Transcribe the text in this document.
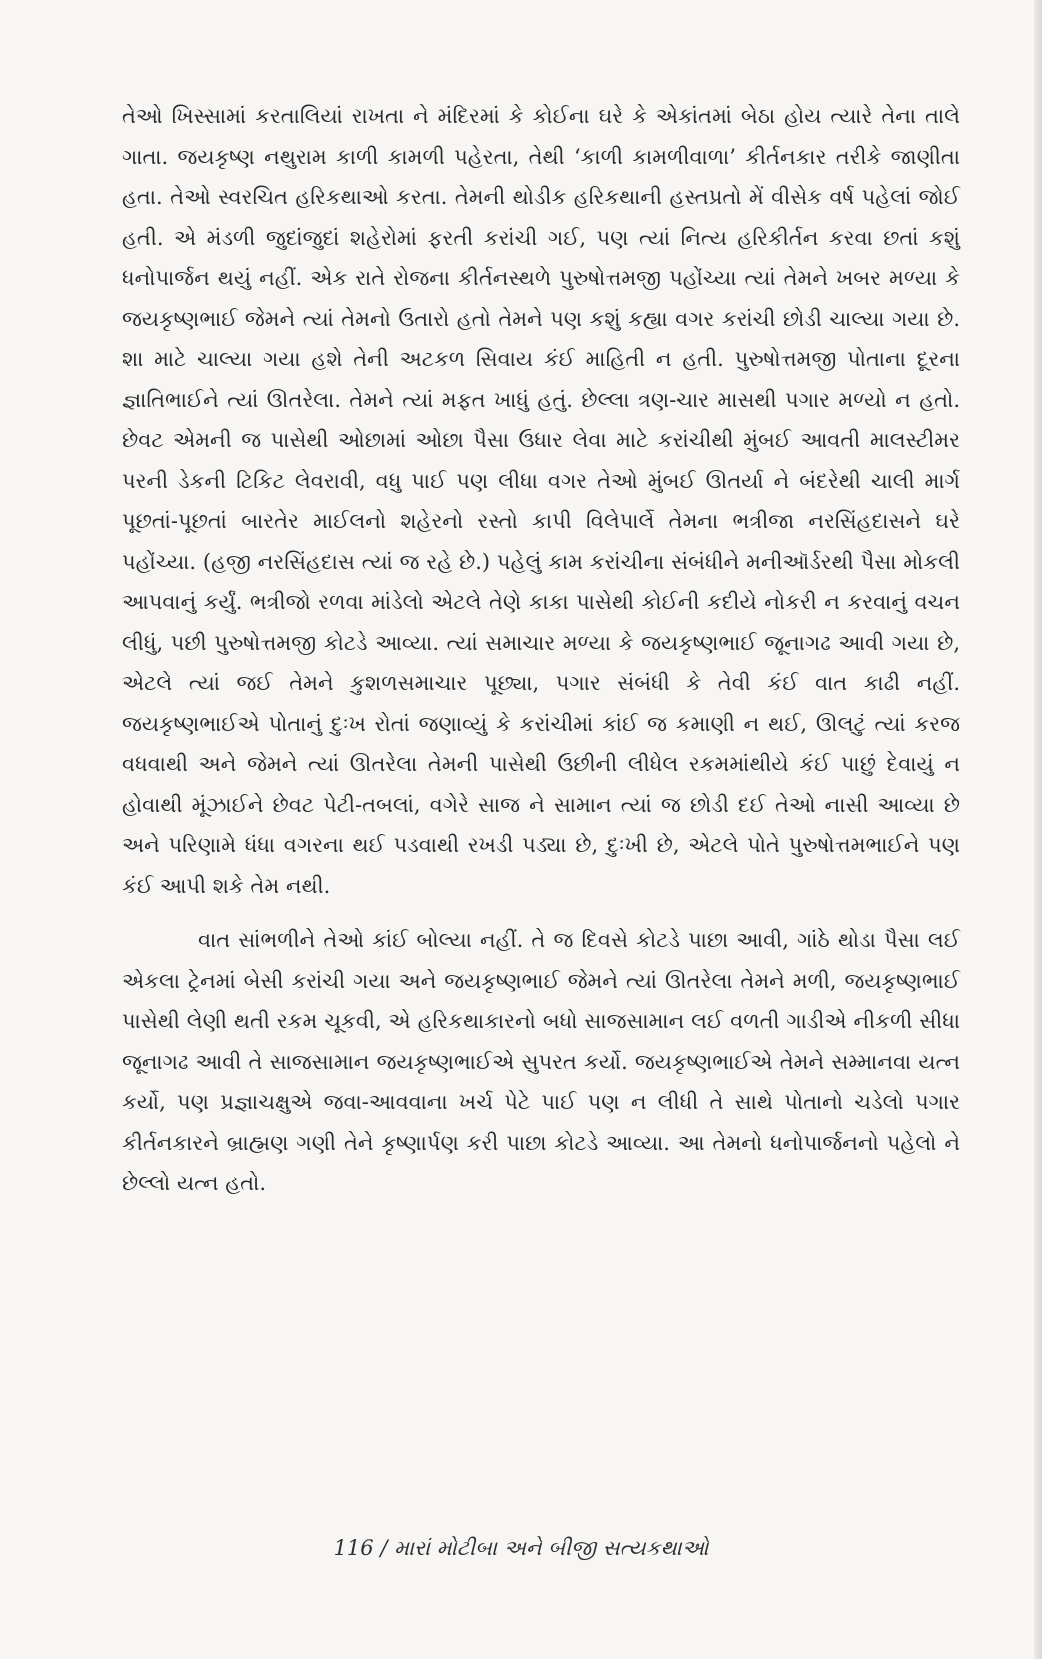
તેઓ ખિસ્સામાં કરતાલિયાં રાખતા ને મંદિરમાં કે કોઈના ઘરે કે એકાંતમાં બેઠા હોય ત્યારે તેના તાલે ગાતા. જયકૃષ્ણ નથુરામ કાળી કામળી પહેરતા, તેથી ‘કાળી કામળીવાળા’ કીર્તનકાર તરીકે જાણીતા હતા. તેઓ સ્વરચિત હરિકથાઓ કરતા. તેમની થોડીક હરિકથાની હસ્તપ્રતો મેં વીસેક વર્ષ પહેલાં જોઈ હતી. એ મંડળી જુદાંજુદાં શહેરોમાં ફરતી કરાંચી ગઈ, પણ ત્યાં નિત્ય હરિકીર્તન કરવા છતાં કશું ધનોપાર્જન થયું નહીં. એક રાતે રોજના કીર્તનસ્થળે પુરુષોત્તમજી પહોંચ્યા ત્યાં તેમને ખબર મળ્યા કે જયકૃષ્ણભાઈ જેમને ત્યાં તેમનો ઉતારો હતો તેમને પણ કશું કહ્યા વગર કરાંચી છોડી ચાલ્યા ગયા છે. શા માટે ચાલ્યા ગયા હશે તેની અટકળ સિવાય કંઈ માહિતી ન હતી. પુરુષોત્તમજી પોતાના દૂરના જ્ઞાતિભાઈને ત્યાં ઊતરેલા. તેમને ત્યાં મફત ખાધું હતું. છેલ્લા ત્રણ-ચાર માસથી પગાર મળ્યો ન હતો. છેવટ એમની જ પાસેથી ઓછામાં ઓછા પૈસા ઉધાર લેવા માટે કરાંચીથી મુંબઈ આવતી માલસ્ટીમર પરની ડેકની ટિકિટ લેવરાવી, વધુ પાઈ પણ લીધા વગર તેઓ મુંબઈ ઊતર્યા ને બંદરેથી ચાલી માર્ગ પૂછતાં-પૂછતાં બારતેર માઈલનો શહેરનો રસ્તો કાપી વિલેપાર્લે તેમના ભત્રીજા નરસિંહદાસને ઘરે પહોંચ્યા. (હજી નરસિંહદાસ ત્યાં જ રહે છે.) પહેલું કામ કરાંચીના સંબંધીને મનીઑર્ડરથી પૈસા મોકલી આપવાનું કર્યું. ભત્રીજો રળવા માંડેલો એટલે તેણે કાકા પાસેથી કોઈની કદીયે નોકરી ન કરવાનું વચન લીધું, પછી પુરુષોત્તમજી કોટડે આવ્યા. ત્યાં સમાચાર મળ્યા કે જયકૃષ્ણભાઈ જૂનાગઢ આવી ગયા છે, એટલે ત્યાં જઈ તેમને કુશળસમાચાર પૂછ્યા, પગાર સંબંધી કે તેવી કંઈ વાત કાઢી નહીં. જયકૃષ્ણભાઈએ પોતાનું દુઃખ રોતાં જણાવ્યું કે કરાંચીમાં કાંઈ જ કમાણી ન થઈ, ઊલટું ત્યાં કરજ વધવાથી અને જેમને ત્યાં ઊતરેલા તેમની પાસેથી ઉછીની લીધેલ રકમમાંથીયે કંઈ પાછું દેવાયું ન હોવાથી મૂંઝાઈને છેવટ પેટી-તબલાં, વગેરે સાજ ને સામાન ત્યાં જ છોડી દઈ તેઓ નાસી આવ્યા છે અને પરિણામે ધંધા વગરના થઈ પડવાથી રખડી પડ્યા છે, દુઃખી છે, એટલે પોતે પુરુષોત્તમભાઈને પણ કંઈ આપી શકે તેમ નથી.

વાત સાંભળીને તેઓ કાંઈ બોલ્યા નહીં. તે જ દિવસે કોટડે પાછા આવી, ગાંઠે થોડા પૈસા લઈ એકલા ટ્રેનમાં બેસી કરાંચી ગયા અને જયકૃષ્ણભાઈ જેમને ત્યાં ઊતરેલા તેમને મળી, જયકૃષ્ણભાઈ પાસેથી લેણી થતી રકમ ચૂકવી, એ હરિકથાકારનો બધો સાજસામાન લઈ વળતી ગાડીએ નીકળી સીધા જૂનાગઢ આવી તે સાજસામાન જયકૃષ્ણભાઈએ સુપરત કર્યો. જયકૃષ્ણભાઈએ તેમને સમ્માનવા યત્ન કર્યો, પણ પ્રજ્ઞાચક્ષુએ જવા-આવવાના ખર્ચ પેટે પાઈ પણ ન લીધી તે સાથે પોતાનો ચડેલો પગાર કીર્તનકારને બ્રાહ્મણ ગણી તેને કૃષ્ણાર્પણ કરી પાછા કોટડે આવ્યા. આ તેમનો ધનોપાર્જનનો પહેલો ને છેલ્લો યત્ન હતો.

116 / મારાં મોટીબા અને બીજી સત્યકથાઓ
